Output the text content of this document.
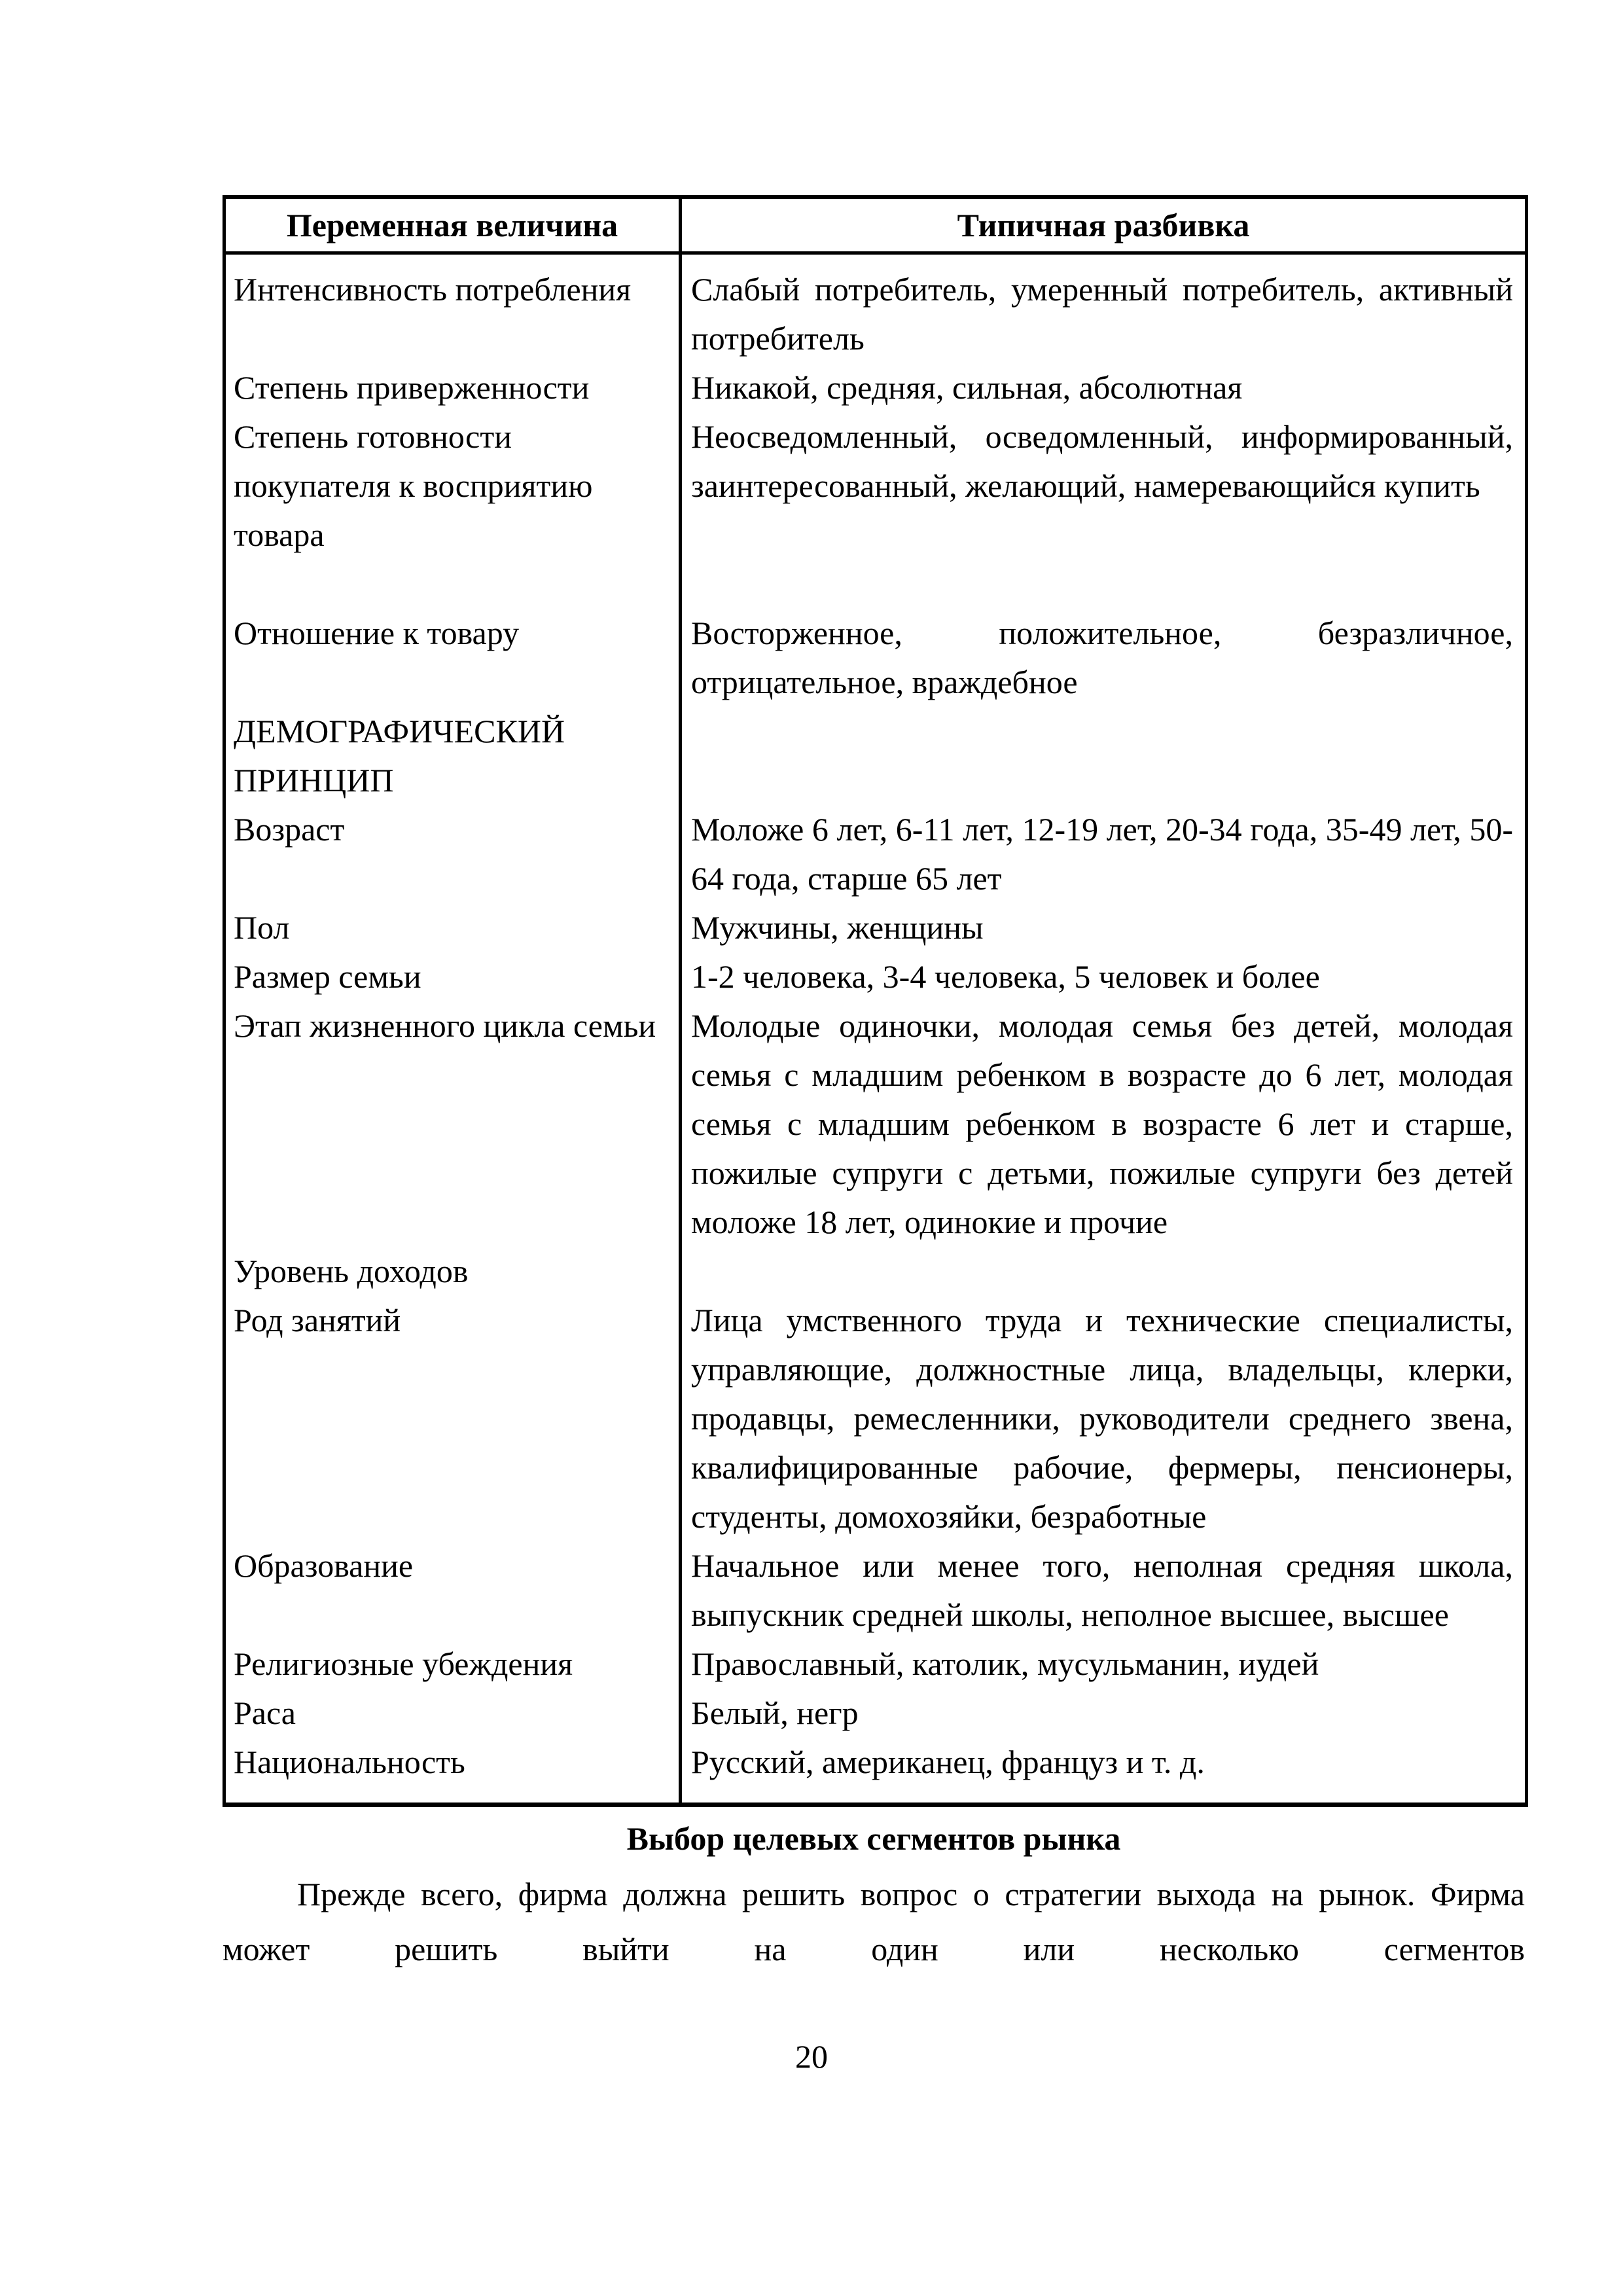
Переменная величина	Типичная разбивка
Интенсивность потребления	Слабый потребитель, умеренный потребитель, активный потребитель
Степень приверженности	Никакой, средняя, сильная, абсолютная
Степень готовности покупателя к восприятию товара	Неосведомленный, осведомленный, информированный, заинтересованный, желающий, намеревающийся купить
Отношение к товару	Восторженное, положительное, безразличное, отрицательное, враждебное
ДЕМОГРАФИЧЕСКИЙ ПРИНЦИП	
Возраст	Моложе 6 лет, 6-11 лет, 12-19 лет, 20-34 года, 35-49 лет, 50-64 года, старше 65 лет
Пол	Мужчины, женщины
Размер семьи	1-2 человека, 3-4 человека, 5 человек и более
Этап жизненного цикла семьи	Молодые одиночки, молодая семья без детей, молодая семья с младшим ребенком в возрасте до 6 лет, молодая семья с младшим ребенком в возрасте 6 лет и старше, пожилые супруги с детьми, пожилые супруги без детей моложе 18 лет, одинокие и прочие
Уровень доходов	
Род занятий	Лица умственного труда и технические специалисты, управляющие, должностные лица, владельцы, клерки, продавцы, ремесленники, руководители среднего звена, квалифицированные рабочие, фермеры, пенсионеры, студенты, домохозяйки, безработные
Образование	Начальное или менее того, неполная средняя школа, выпускник средней школы, неполное высшее, высшее
Религиозные убеждения	Православный, католик, мусульманин, иудей
Раса	Белый, негр
Национальность	Русский, американец, француз и т. д.
Выбор целевых сегментов рынка
Прежде всего, фирма должна решить вопрос о стратегии выхода на рынок. Фирма может решить выйти на один или несколько сегментов
20
